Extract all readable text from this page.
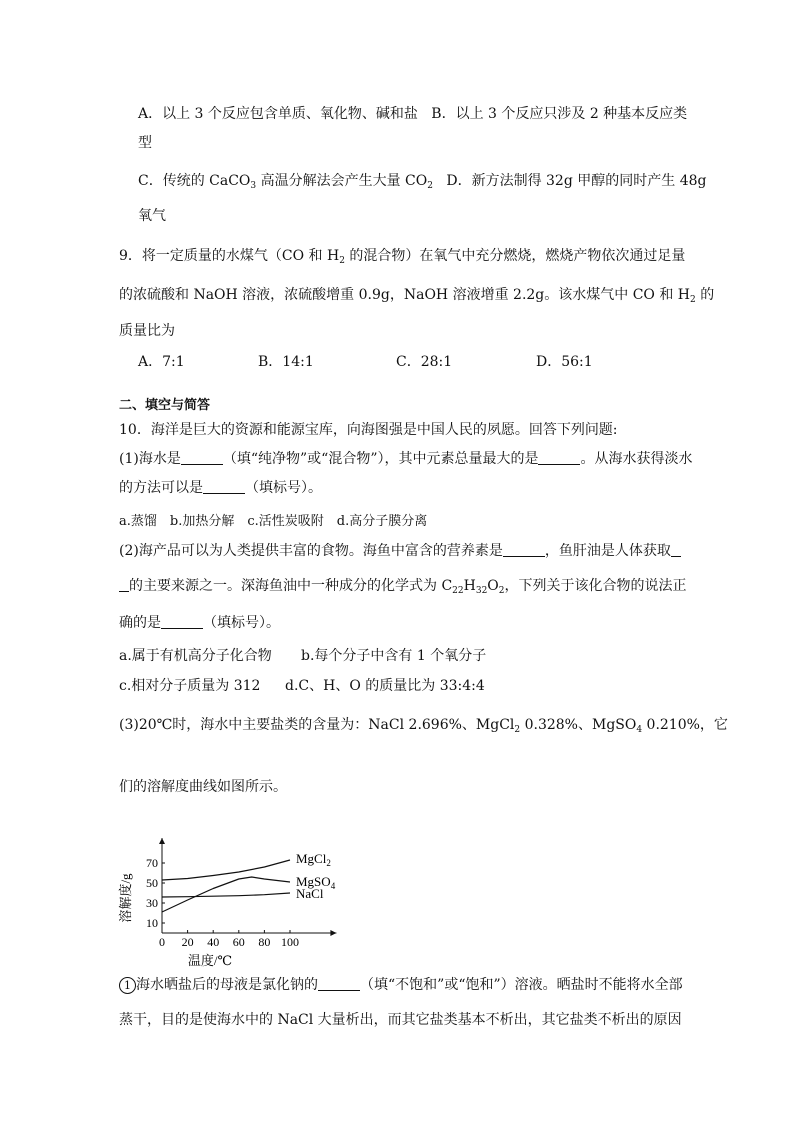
A．以上 3 个反应包含单质、氧化物、碱和盐 B．以上 3 个反应只涉及 2 种基本反应类
型
C．传统的 CaCO$_3$ 高温分解法会产生大量 $CO_2$ D．新方法制得 32g 甲醇的同时产生 48g
氧气
9．将一定质量的水煤气（CO 和 $H_2$ 的混合物）在氧气中充分燃烧，燃烧产物依次通过足量
的浓硫酸和 NaOH 溶液，浓硫酸增重 0.9g，NaOH 溶液增重 2.2g。该水煤气中 CO 和 $H_2$ 的
质量比为
A．7:1	B．14:1	C．28:1	D．56:1
二、填空与简答
10．海洋是巨大的资源和能源宝库，向海图强是中国人民的夙愿。回答下列问题:
(1)海水是	（填“纯净物”或“混合物”），其中元素总量最大的是	。从海水获得淡水
的方法可以是	（填标号）。
a.蒸馏　b.加热分解　c.活性炭吸附　d.高分子膜分离
(2)海产品可以为人类提供丰富的食物。海鱼中富含的营养素是	，鱼肝油是人体获取
的主要来源之一。深海鱼油中一种成分的化学式为 $C_{22}H_{32}O_2$，下列关于该化合物的说法正
确的是	（填标号）。
a.属于有机高分子化合物 b.每个分子中含有 1 个氧分子
c.相对分子质量为 312 d.C、H、O 的质量比为 33:4:4
(3)20℃时，海水中主要盐类的含量为：NaCl 2.696%、MgCl$_2$ 0.328%、MgSO$_4$ 0.210%，它
们的溶解度曲线如图所示。
0 20 40 60 80 100
10
30
50
70	MgCl$_2$
MgSO$_4$
NaCl
溶解度/g
温度/℃
1 海水晒盐后的母液是氯化钠的	（填“不饱和”或“饱和”）溶液。晒盐时不能将水全部
蒸干，目的是使海水中的 NaCl 大量析出，而其它盐类基本不析出，其它盐类不析出的原因
